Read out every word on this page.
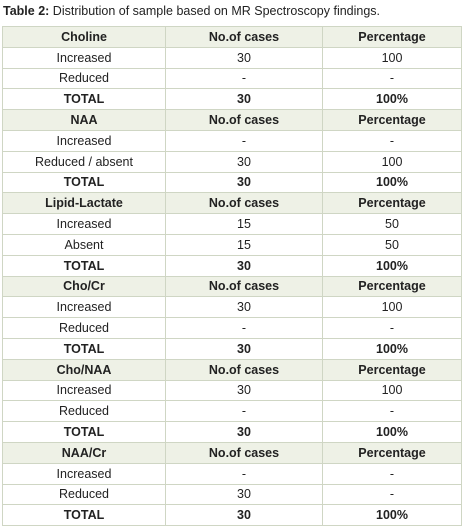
Table 2: Distribution of sample based on MR Spectroscopy findings.
Choline	No.of cases	Percentage
Increased	30	100
Reduced	-	-
TOTAL	30	100%
NAA	No.of cases	Percentage
Increased	-	-
Reduced / absent	30	100
TOTAL	30	100%
Lipid-Lactate	No.of cases	Percentage
Increased	15	50
Absent	15	50
TOTAL	30	100%
Cho/Cr	No.of cases	Percentage
Increased	30	100
Reduced	-	-
TOTAL	30	100%
Cho/NAA	No.of cases	Percentage
Increased	30	100
Reduced	-	-
TOTAL	30	100%
NAA/Cr	No.of cases	Percentage
Increased	-	-
Reduced	30	-
TOTAL	30	100%
